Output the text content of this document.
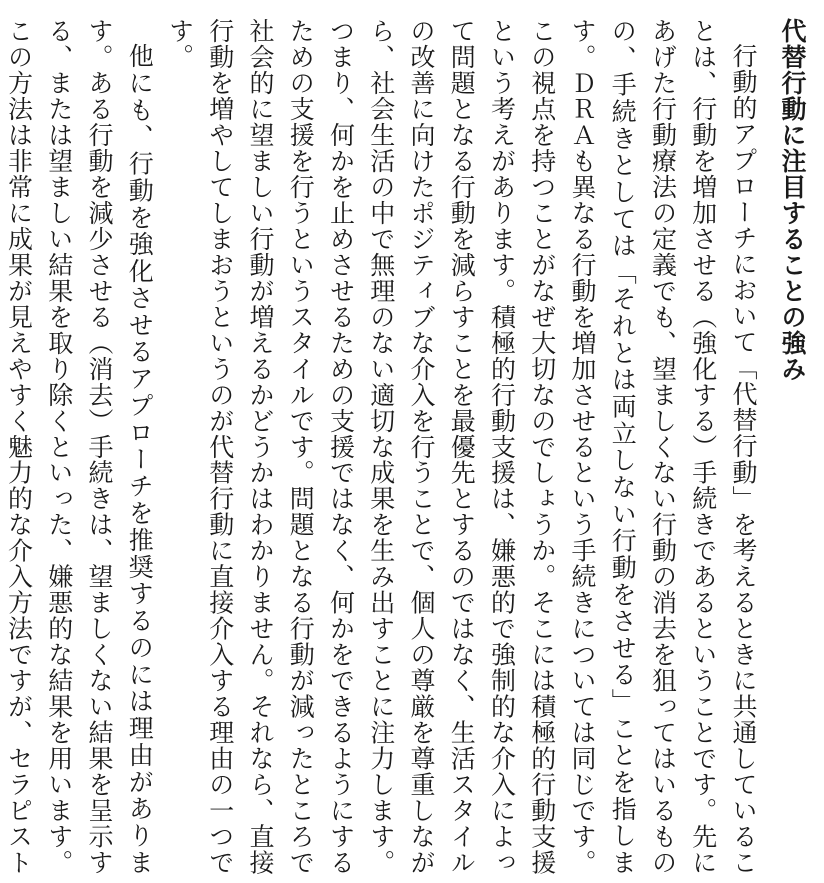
代替行動に注目することの強み

行動的アプローチにおいて「代替行動」を考えるときに共通していることは、行動を増加させる（強化する）手続きであるということです。先にあげた行動療法の定義でも、望ましくない行動の消去を狙ってはいるものの、手続きとしては「それとは両立しない行動をさせる」ことを指します。ＤＲＡも異なる行動を増加させるという手続きについては同じです。この視点を持つことがなぜ大切なのでしょうか。そこには積極的行動支援という考えがあります。積極的行動支援は、嫌悪的で強制的な介入によって問題となる行動を減らすことを最優先とするのではなく、生活スタイルの改善に向けたポジティブな介入を行うことで、個人の尊厳を尊重しながら、社会生活の中で無理のない適切な成果を生み出すことに注力します。つまり、何かを止めさせるための支援ではなく、何かをできるようにするための支援を行うというスタイルです。問題となる行動が減ったところで社会的に望ましい行動が増えるかどうかはわかりません。それなら、直接行動を増やしてしまおうというのが代替行動に直接介入する理由の一つです。

他にも、行動を強化させるアプローチを推奨するのには理由があります。ある行動を減少させる（消去）手続きは、望ましくない結果を呈示する、または望ましい結果を取り除くといった、嫌悪的な結果を用います。この方法は非常に成果が見えやすく魅力的な介入方法ですが、セラピスト
